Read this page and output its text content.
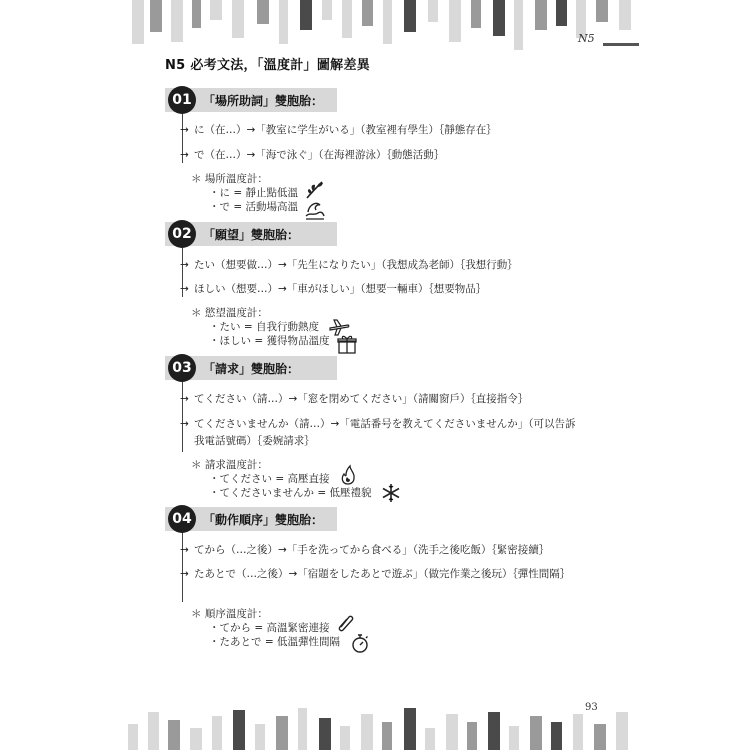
N5
N5 必考文法，「溫度計」圖解差異
01 「場所助詞」雙胞胎：
→ に（在…）→「教室に学生がいる」（教室裡有學生）｛靜態存在｝
→ で（在…）→「海で泳ぐ」（在海裡游泳）｛動態活動｝
＊ 場所溫度計：
・に = 靜止點低溫
・で = 活動場高溫
02 「願望」雙胞胎：
→ たい（想要做…）→「先生になりたい」（我想成為老師）｛我想行動｝
→ ほしい（想要…）→「車がほしい」（想要一輛車）｛想要物品｝
＊ 慾望溫度計：
・たい = 自我行動熱度
・ほしい = 獲得物品溫度
03 「請求」雙胞胎：
→ てください（請…）→「窓を閉めてください」（請關窗戶）｛直接指令｝
→ てくださいませんか（請…）→「電話番号を教えてくださいませんか」（可以告訴我電話號碼）｛委婉請求｝
＊ 請求溫度計：
・てください = 高壓直接
・てくださいませんか = 低壓禮貌
04 「動作順序」雙胞胎：
→ てから（…之後）→「手を洗ってから食べる」（洗手之後吃飯）｛緊密接續｝
→ たあとで（…之後）→「宿題をしたあとで遊ぶ」（做完作業之後玩）｛彈性間隔｝
＊ 順序溫度計：
・てから = 高溫緊密連接
・たあとで = 低溫彈性間隔
93
